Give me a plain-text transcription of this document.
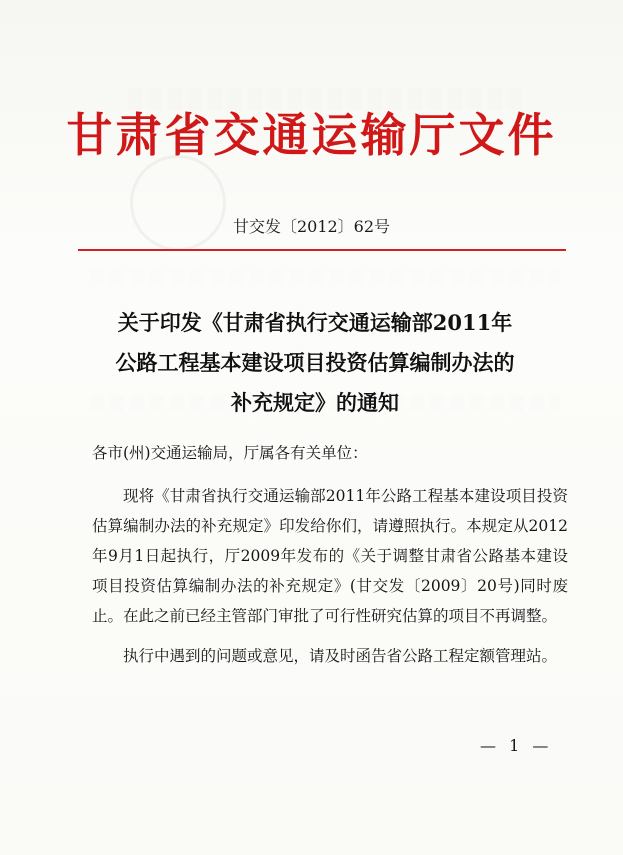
甘肃省交通运输厅文件
甘交发〔2012〕62号
关于印发《甘肃省执行交通运输部2011年
公路工程基本建设项目投资估算编制办法的
补充规定》的通知
各市(州)交通运输局，厅属各有关单位：

现将《甘肃省执行交通运输部2011年公路工程基本建设项目投资估算编制办法的补充规定》印发给你们，请遵照执行。本规定从2012年9月1日起执行，厅2009年发布的《关于调整甘肃省公路基本建设项目投资估算编制办法的补充规定》(甘交发〔2009〕20号)同时废止。在此之前已经主管部门审批了可行性研究估算的项目不再调整。

执行中遇到的问题或意见，请及时函告省公路工程定额管理站。

— 1 —
